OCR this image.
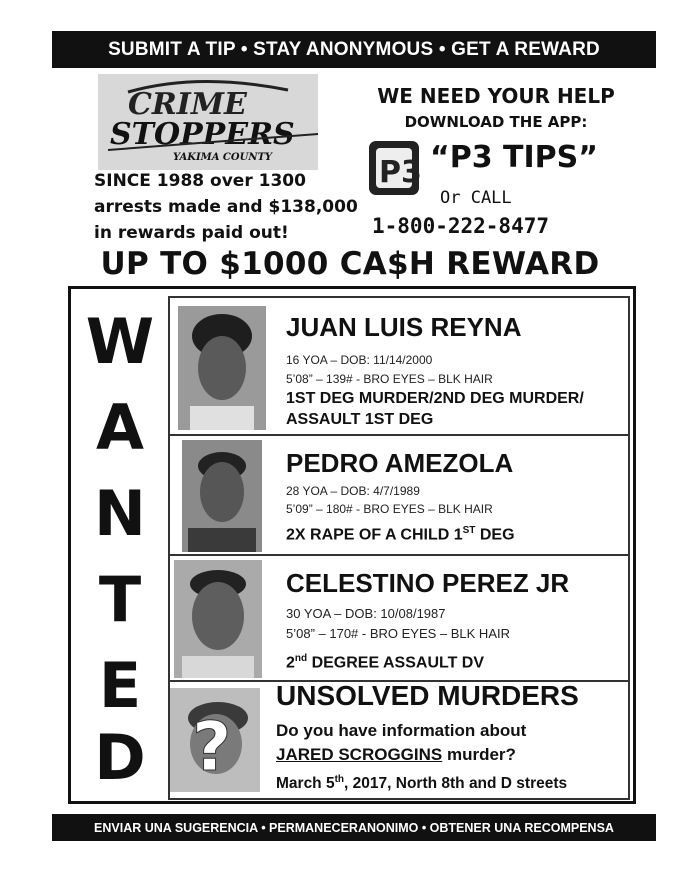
SUBMIT A TIP • STAY ANONYMOUS • GET A REWARD
CRIME
STOPPERS
YAKIMA COUNTY
WE NEED YOUR HELP
DOWNLOAD THE APP:
P3 “P3 TIPS”
Or CALL
1-800-222-8477
SINCE 1988 over 1300
arrests made and $138,000
in rewards paid out!
UP TO $1000 CA$H REWARD
W
A
N
T
E
D
JUAN LUIS REYNA
16 YOA – DOB: 11/14/2000
5’08” – 139# - BRO EYES – BLK HAIR
1ST DEG MURDER/2ND DEG MURDER/
ASSAULT 1ST DEG
PEDRO AMEZOLA
28 YOA – DOB: 4/7/1989
5’09” – 180# - BRO EYES – BLK HAIR
2X RAPE OF A CHILD 1ST DEG
CELESTINO PEREZ JR
30 YOA – DOB: 10/08/1987
5’08” – 170# - BRO EYES – BLK HAIR
2nd DEGREE ASSAULT DV
?
UNSOLVED MURDERS
Do you have information about
JARED SCROGGINS murder?
March 5th, 2017, North 8th and D streets
ENVIAR UNA SUGERENCIA • PERMANECERANONIMO • OBTENER UNA RECOMPENSA
